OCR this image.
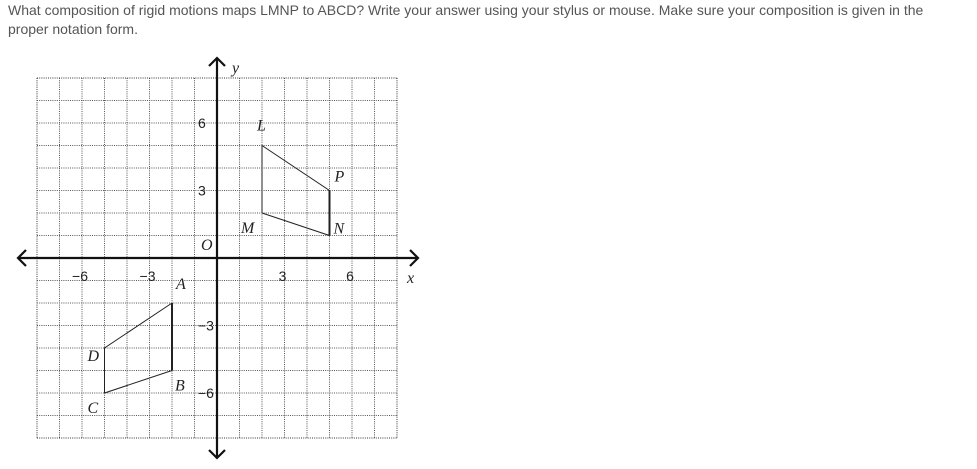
What composition of rigid motions maps LMNP to ABCD? Write your answer using your stylus or mouse. Make sure your composition is given in the proper notation form.

−6	−3	3	6
6
3
−3
−6
x
y
O
L
P
N
M
A
B
C
D
